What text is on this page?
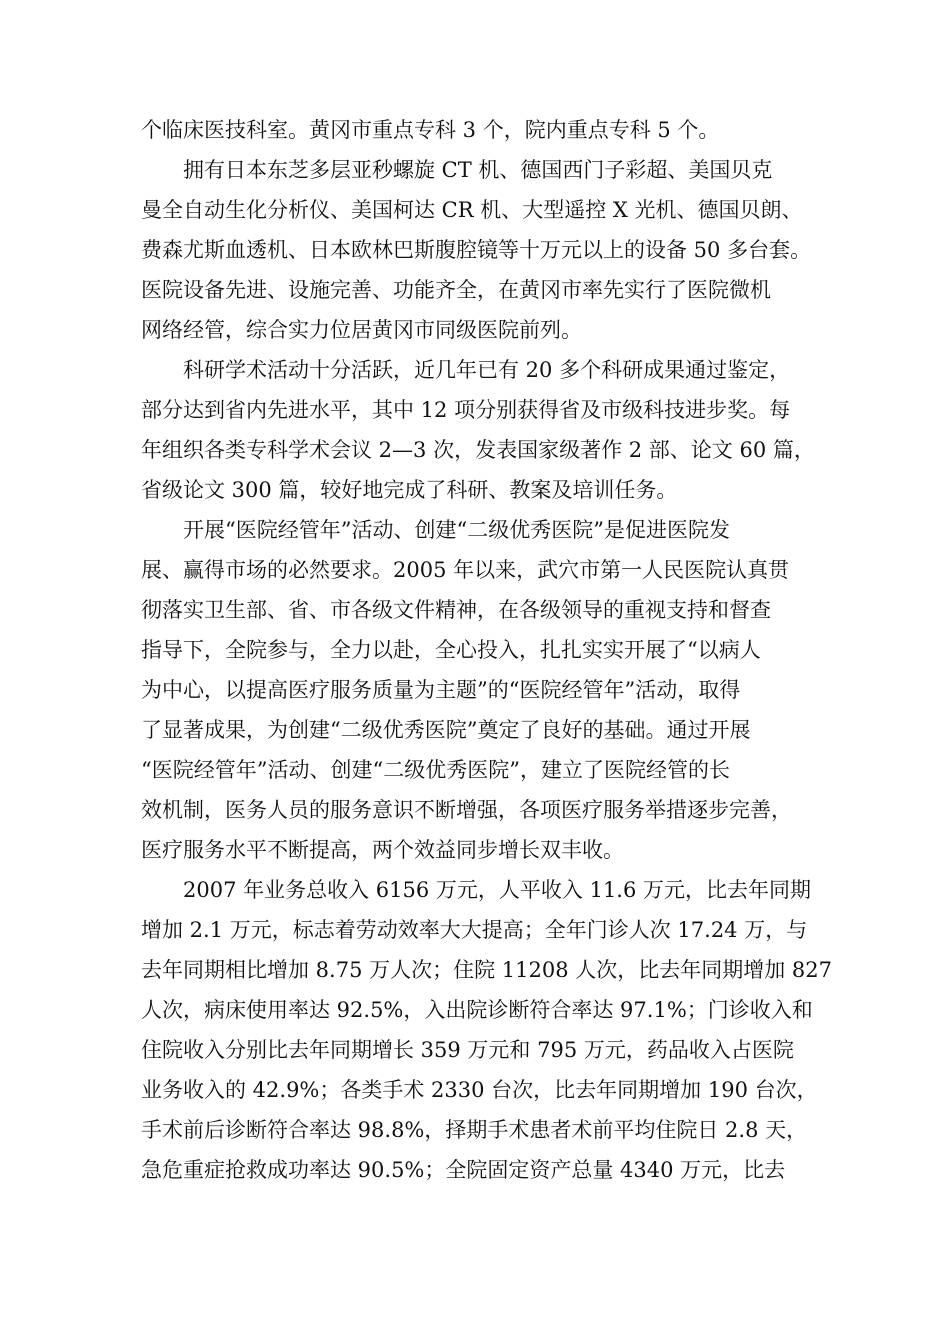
个临床医技科室。黄冈市重点专科 3 个，院内重点专科 5 个。
拥有日本东芝多层亚秒螺旋 CT 机、德国西门子彩超、美国贝克
曼全自动生化分析仪、美国柯达 CR 机、大型遥控 X 光机、德国贝朗、
费森尤斯血透机、日本欧林巴斯腹腔镜等十万元以上的设备 50 多台套。
医院设备先进、设施完善、功能齐全，在黄冈市率先实行了医院微机
网络经管，综合实力位居黄冈市同级医院前列。
科研学术活动十分活跃，近几年已有 20 多个科研成果通过鉴定，
部分达到省内先进水平，其中 12 项分别获得省及市级科技进步奖。每
年组织各类专科学术会议 2—3 次，发表国家级著作 2 部、论文 60 篇，
省级论文 300 篇，较好地完成了科研、教案及培训任务。
开展“医院经管年”活动、创建“二级优秀医院”是促进医院发
展、赢得市场的必然要求。2005 年以来，武穴市第一人民医院认真贯
彻落实卫生部、省、市各级文件精神，在各级领导的重视支持和督查
指导下，全院参与，全力以赴，全心投入，扎扎实实开展了“以病人
为中心，以提高医疗服务质量为主题”的“医院经管年”活动，取得
了显著成果，为创建“二级优秀医院”奠定了良好的基础。通过开展
“医院经管年”活动、创建“二级优秀医院”，建立了医院经管的长
效机制，医务人员的服务意识不断增强，各项医疗服务举措逐步完善，
医疗服务水平不断提高，两个效益同步增长双丰收。
2007 年业务总收入 6156 万元，人平收入 11.6 万元，比去年同期
增加 2.1 万元，标志着劳动效率大大提高；全年门诊人次 17.24 万，与
去年同期相比增加 8.75 万人次；住院 11208 人次，比去年同期增加 827
人次，病床使用率达 92.5%，入出院诊断符合率达 97.1%；门诊收入和
住院收入分别比去年同期增长 359 万元和 795 万元，药品收入占医院
业务收入的 42.9%；各类手术 2330 台次，比去年同期增加 190 台次，
手术前后诊断符合率达 98.8%，择期手术患者术前平均住院日 2.8 天，
急危重症抢救成功率达 90.5%；全院固定资产总量 4340 万元，比去
